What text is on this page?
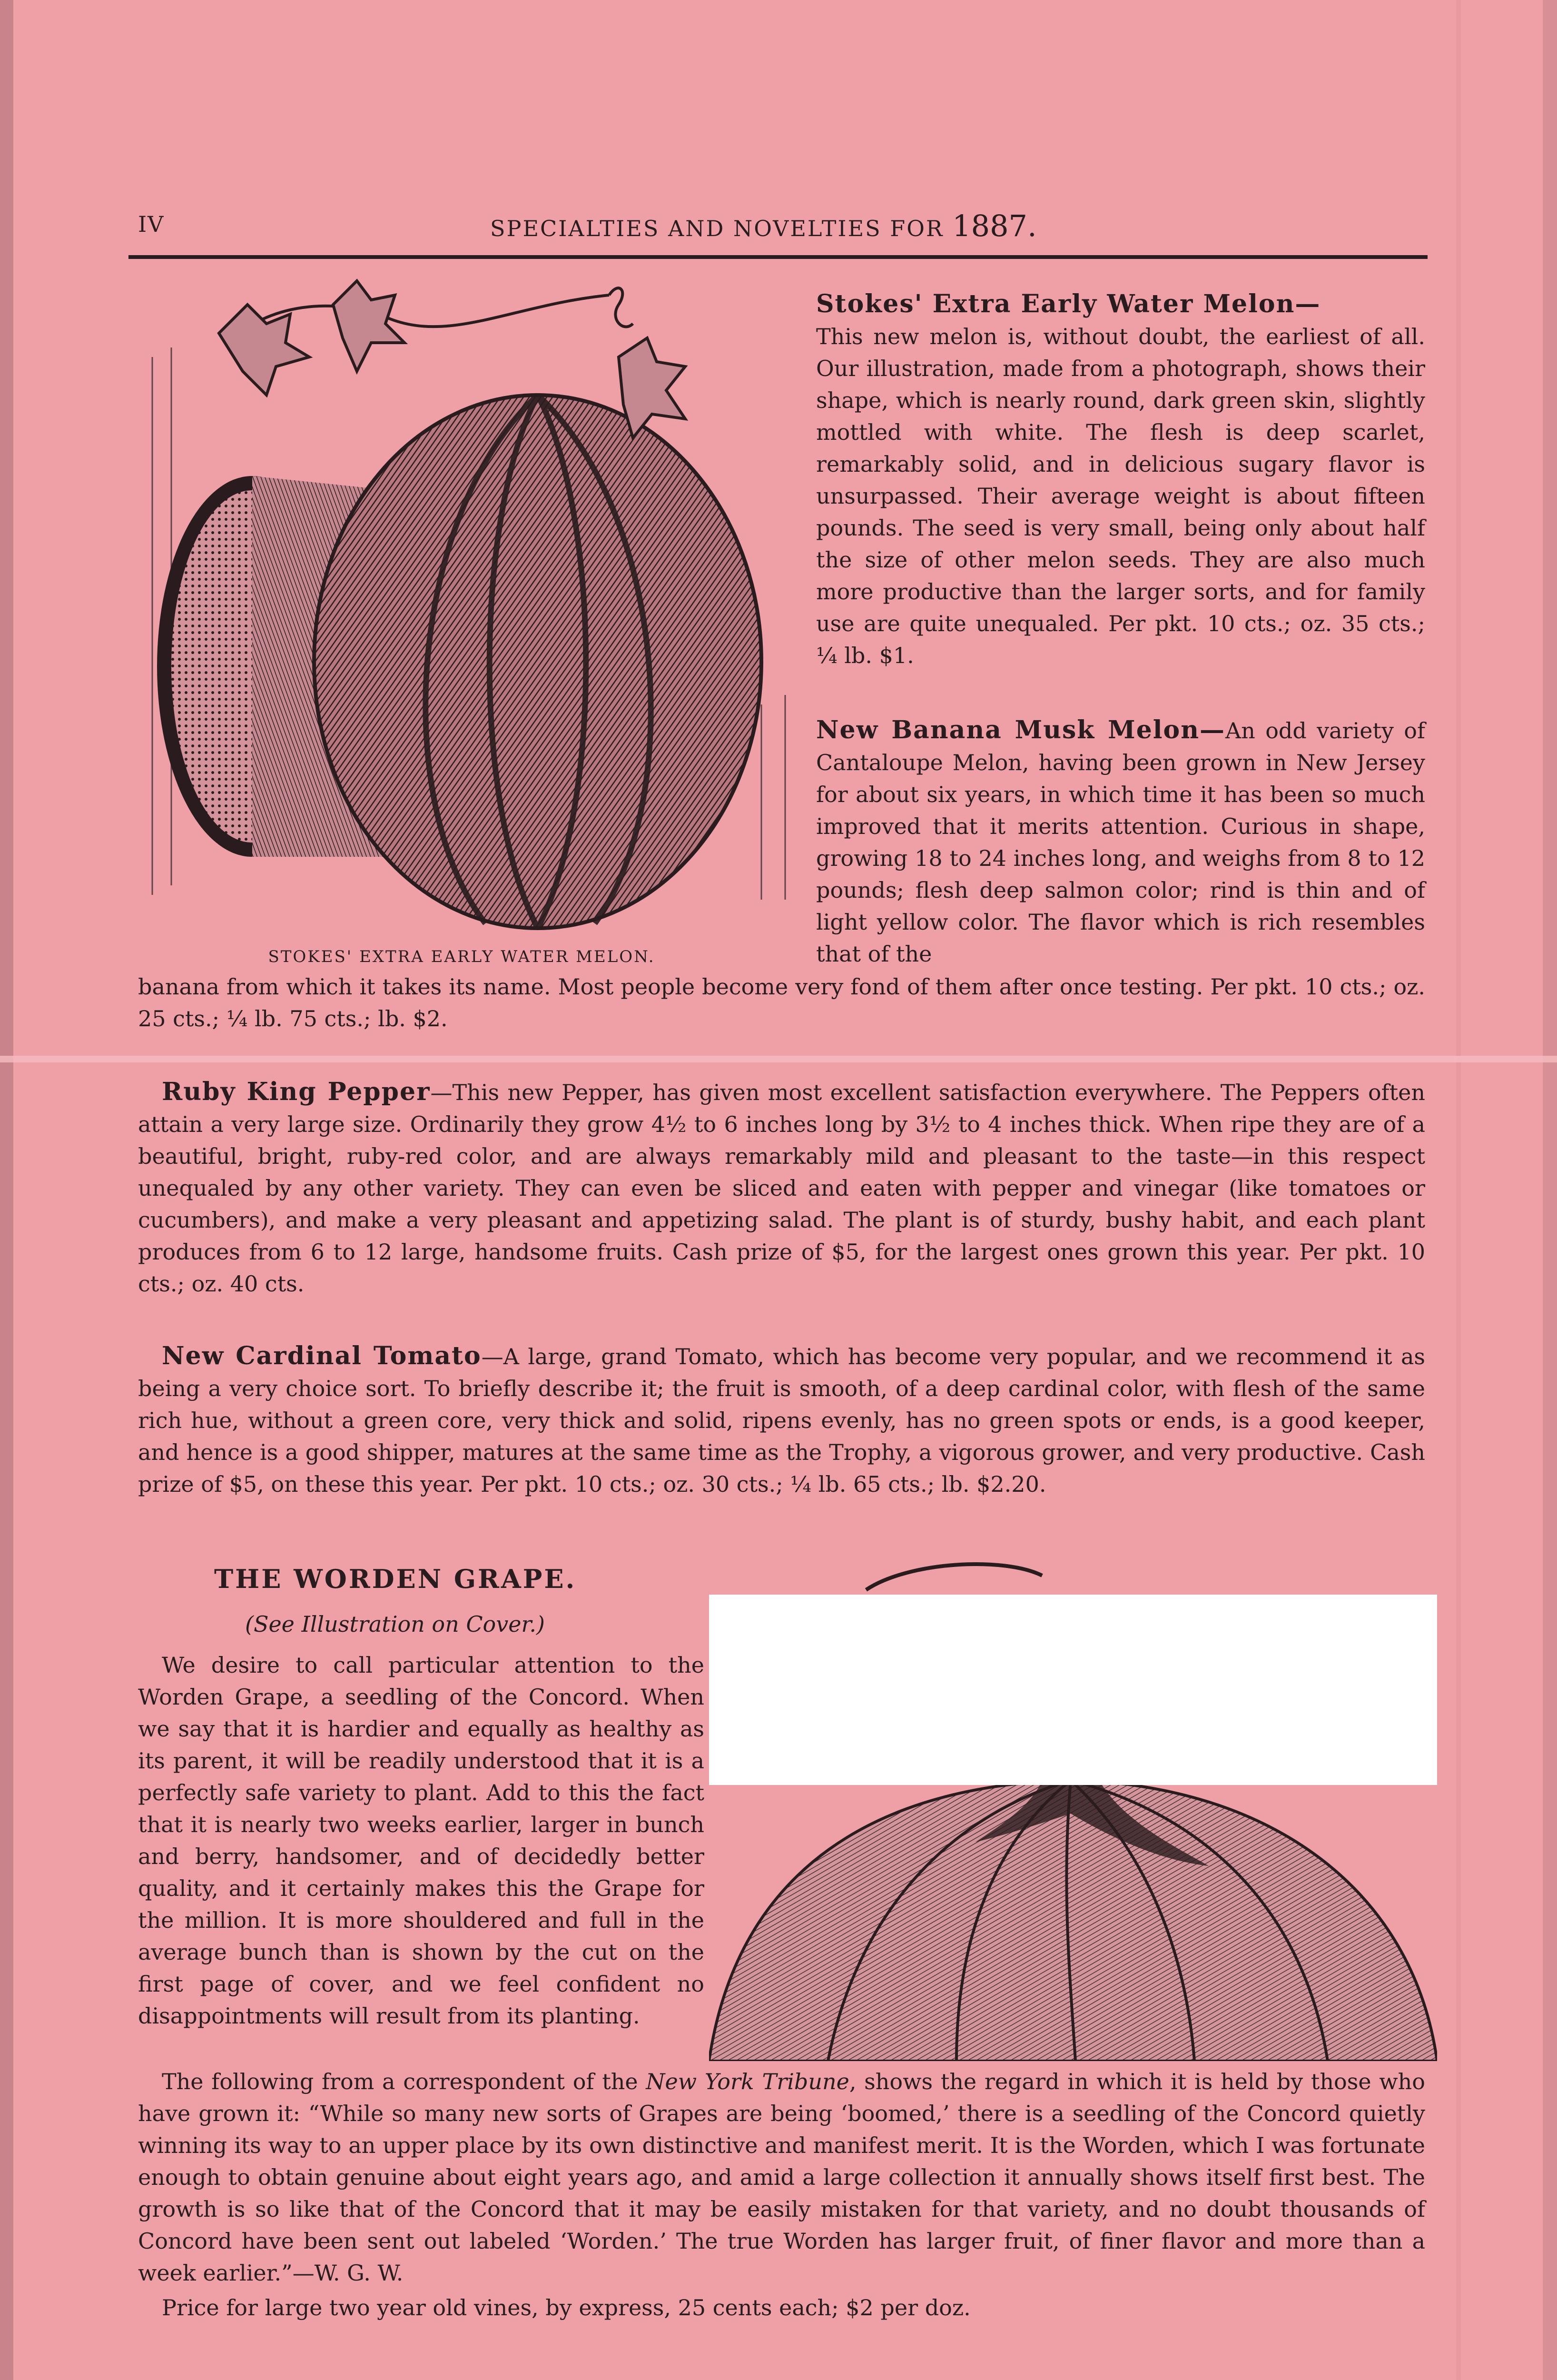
IV	SPECIALTIES AND NOVELTIES FOR 1887.
STOKES' EXTRA EARLY WATER MELON.

Stokes' Extra Early Water Melon—

This new melon is, without doubt, the earliest of all. Our illustration, made from a photograph, shows their shape, which is nearly round, dark green skin, slightly mottled with white. The flesh is deep scarlet, remarkably solid, and in delicious sugary flavor is unsurpassed. Their average weight is about fifteen pounds. The seed is very small, being only about half the size of other melon seeds. They are also much more productive than the larger sorts, and for family use are quite unequaled. Per pkt. 10 cts.; oz. 35 cts.; ¼ lb. $1.

New Banana Musk Melon—An odd variety of Cantaloupe Melon, having been grown in New Jersey for about six years, in which time it has been so much improved that it merits attention. Curious in shape, growing 18 to 24 inches long, and weighs from 8 to 12 pounds; flesh deep salmon color; rind is thin and of light yellow color. The flavor which is rich resembles that of the

banana from which it takes its name. Most people become very fond of them after once testing. Per pkt. 10 cts.; oz. 25 cts.; ¼ lb. 75 cts.; lb. $2.
Ruby King Pepper—This new Pepper, has given most excellent satisfaction everywhere. The Peppers often attain a very large size. Ordinarily they grow 4½ to 6 inches long by 3½ to 4 inches thick. When ripe they are of a beautiful, bright, ruby-red color, and are always remarkably mild and pleasant to the taste—in this respect unequaled by any other variety. They can even be sliced and eaten with pepper and vinegar (like tomatoes or cucumbers), and make a very pleasant and appetizing salad. The plant is of sturdy, bushy habit, and each plant produces from 6 to 12 large, handsome fruits. Cash prize of $5, for the largest ones grown this year. Per pkt. 10 cts.; oz. 40 cts.
New Cardinal Tomato—A large, grand Tomato, which has become very popular, and we recommend it as being a very choice sort. To briefly describe it; the fruit is smooth, of a deep cardinal color, with flesh of the same rich hue, without a green core, very thick and solid, ripens evenly, has no green spots or ends, is a good keeper, and hence is a good shipper, matures at the same time as the Trophy, a vigorous grower, and very productive. Cash prize of $5, on these this year. Per pkt. 10 cts.; oz. 30 cts.; ¼ lb. 65 cts.; lb. $2.20.
THE WORDEN GRAPE.
(See Illustration on Cover.)

We desire to call particular attention to the Worden Grape, a seedling of the Concord. When we say that it is hardier and equally as healthy as its parent, it will be readily understood that it is a perfectly safe variety to plant. Add to this the fact that it is nearly two weeks earlier, larger in bunch and berry, handsomer, and of decidedly better quality, and it certainly makes this the Grape for the million. It is more shouldered and full in the average bunch than is shown by the cut on the first page of cover, and we feel confident no disappointments will result from its planting.

The following from a correspondent of the New York Tribune, shows the regard in which it is held by those who have grown it: “While so many new sorts of Grapes are being ‘boomed,’ there is a seedling of the Concord quietly winning its way to an upper place by its own distinctive and manifest merit. It is the Worden, which I was fortunate enough to obtain genuine about eight years ago, and amid a large collection it annually shows itself first best. The growth is so like that of the Concord that it may be easily mistaken for that variety, and no doubt thousands of Concord have been sent out labeled ‘Worden.’ The true Worden has larger fruit, of finer flavor and more than a week earlier.”—W. G. W.
Price for large two year old vines, by express, 25 cents each; $2 per doz.
